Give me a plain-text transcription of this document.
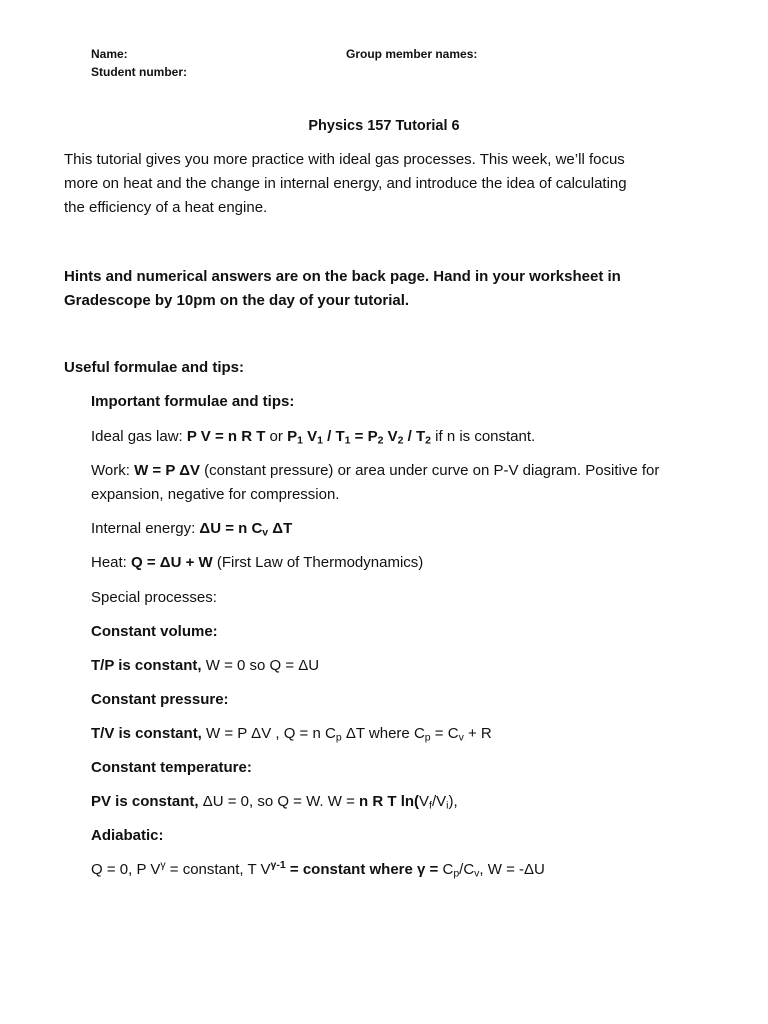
Name:
Student number:
Group member names:
Physics 157 Tutorial 6
This tutorial gives you more practice with ideal gas processes. This week, we’ll focus
more on heat and the change in internal energy, and introduce the idea of calculating
the efficiency of a heat engine.
Hints and numerical answers are on the back page. Hand in your worksheet in
Gradescope by 10pm on the day of your tutorial.
Useful formulae and tips:
Important formulae and tips:
Ideal gas law: P V = n R T or $P_1$ $V_1 / T_1 = P_2$ $V_2 / T_2$ if n is constant.
Work: W = P ΔV (constant pressure) or area under curve on P-V diagram. Positive for
expansion, negative for compression.
Internal energy: ΔU = n $C_v$ ΔT
Heat: Q = ΔU + W (First Law of Thermodynamics)
Special processes:
Constant volume:
T/P is constant, W = 0 so Q = ΔU
Constant pressure:
T/V is constant, W = P ΔV , Q = n $C_p$ ΔT where $C_p = C_v + R$
Constant temperature:
PV is constant, ΔU = 0, so Q = W. W = n R T $\ln(V_f/V_i)$,
Adiabatic:
Q = 0, P $V^\gamma$ = constant, T $V^{\gamma-1}$ = constant where $\gamma = C_p/C_v$, W = -ΔU
